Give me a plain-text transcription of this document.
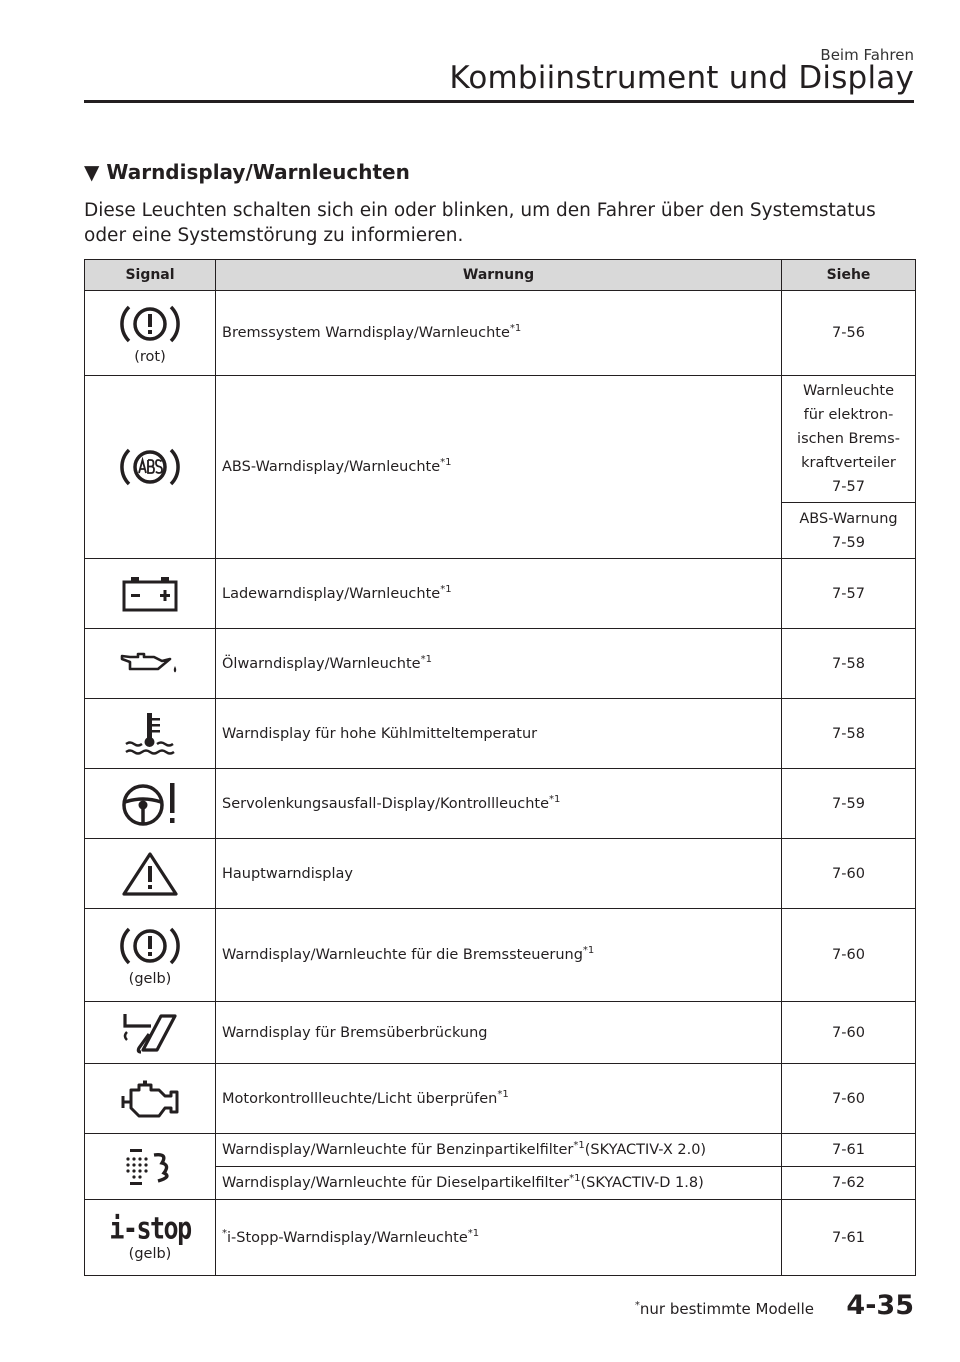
Beim Fahren
Kombiinstrument und Display
▼ Warndisplay/Warnleuchten
Diese Leuchten schalten sich ein oder blinken, um den Fahrer über den Systemstatus oder eine Systemstörung zu informieren.
Signal	Warnung	Siehe

(rot)	Bremssystem Warndisplay/Warnleuchte$^{*1}$	7-56

	ABS-Warndisplay/Warnleuchte$^{*1}$	Warnleuchte
für elektron-
ischen Brems-
kraftverteiler
7-57

		ABS-Warnung
7-59

	Ladewarndisplay/Warnleuchte$^{*1}$	7-57

	Ölwarndisplay/Warnleuchte$^{*1}$	7-58

	Warndisplay für hohe Kühlmitteltemperatur	7-58

	Servolenkungsausfall-Display/Kontrollleuchte$^{*1}$	7-59

	Hauptwarndisplay	7-60

(gelb)	Warndisplay/Warnleuchte für die Bremssteuerung$^{*1}$	7-60

	Warndisplay für Bremsüberbrückung	7-60

	Motorkontrollleuchte/Licht überprüfen$^{*1}$	7-60

	Warndisplay/Warnleuchte für Benzinpartikelfilter$^{*1}$(SKYACTIV-X 2.0)	7-61
	Warndisplay/Warnleuchte für Dieselpartikelfilter$^{*1}$(SKYACTIV-D 1.8)	7-62

i-stop
(gelb)	*i-Stopp-Warndisplay/Warnleuchte$^{*1}$	7-61
*nur bestimmte Modelle 4-35
